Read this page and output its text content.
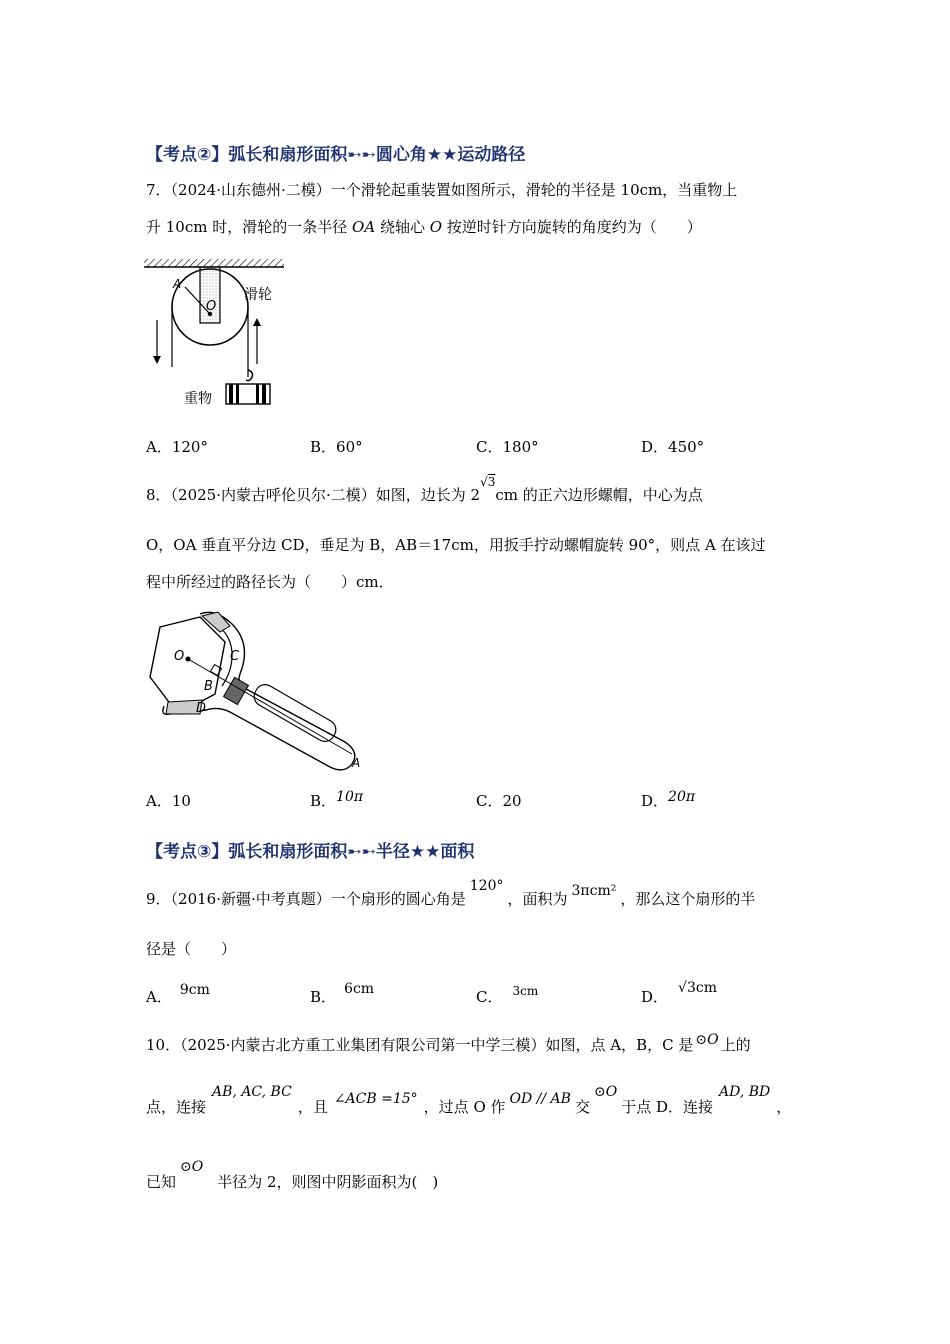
【考点②】弧长和扇形面积➸➸圆心角★★运动路径
7．（2024·山东德州·二模）一个滑轮起重装置如图所示，滑轮的半径是 10cm，当重物上
升 10cm 时，滑轮的一条半径 OA 绕轴心 O 按逆时针方向旋转的角度约为（　　）
A
O
滑轮
重物
A．120°	B．60°	C．180°	D．450°
8．（2025·内蒙古呼伦贝尔·二模）如图，边长为 $2^{√3}cm$ 的正六边形螺帽，中心为点
O，OA 垂直平分边 CD，垂足为 B，AB＝17cm，用扳手拧动螺帽旋转 90°，则点 A 在该过
程中所经过的路径长为（　　）cm．
O	C
B
D
A
A．10	B．10π	C．20	D．20π
【考点③】弧长和扇形面积➸➸半径★★面积
9．（2016·新疆·中考真题）一个扇形的圆心角是120°，面积为 3πcm² ，那么这个扇形的半
径是（　　）
A． 9cm	B． 6cm	C． $^{3cm}$	D． √3cm
10．（2025·内蒙古北方重工业集团有限公司第一中学三模）如图，点 A，B，C 是 ⊙O 上的
点，连接AB, AC, BC，且 ∠ACB =15° ，过点 O 作 OD // AB 交⊙O于点 D．连接AD, BD，
已知⊙O半径为 2，则图中阴影面积为(　)
